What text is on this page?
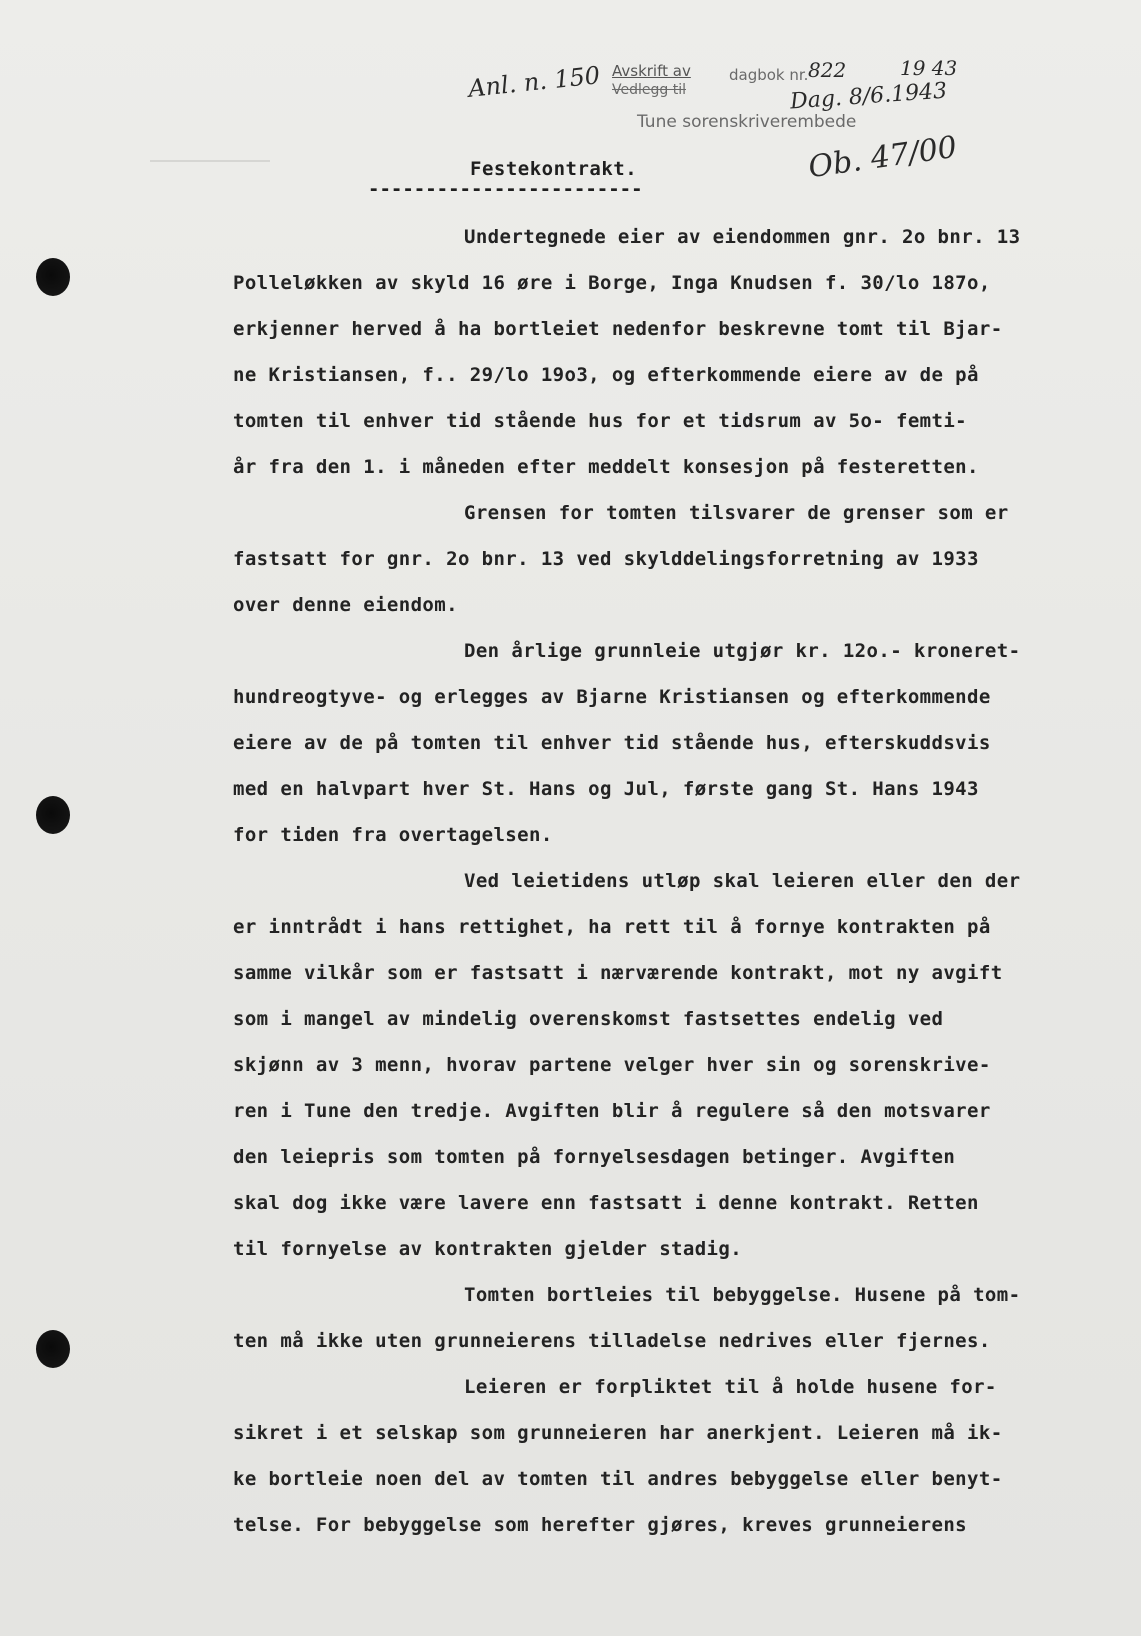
Anl. n. 150 Avskrift av
Vedlegg til
dagbok nr. 822	19 43
Dag. 8/6.1943
Tune sorenskriverembede
Ob. 47/00
Festekontrakt.
------------------------
Undertegnede eier av eiendommen gnr. 2o bnr. 13
Polleløkken av skyld 16 øre i Borge, Inga Knudsen f. 30/lo 187o,
erkjenner herved å ha bortleiet nedenfor beskrevne tomt til Bjar-
ne Kristiansen, f.. 29/lo 19o3, og efterkommende eiere av de på
tomten til enhver tid stående hus for et tidsrum av 5o- femti-
år fra den 1. i måneden efter meddelt konsesjon på festeretten.
Grensen for tomten tilsvarer de grenser som er
fastsatt for gnr. 2o bnr. 13 ved skylddelingsforretning av 1933
over denne eiendom.
Den årlige grunnleie utgjør kr. 12o.- kroneret-
hundreogtyve- og erlegges av Bjarne Kristiansen og efterkommende
eiere av de på tomten til enhver tid stående hus, efterskuddsvis
med en halvpart hver St. Hans og Jul, første gang St. Hans 1943
for tiden fra overtagelsen.
Ved leietidens utløp skal leieren eller den der
er inntrådt i hans rettighet, ha rett til å fornye kontrakten på
samme vilkår som er fastsatt i nærværende kontrakt, mot ny avgift
som i mangel av mindelig overenskomst fastsettes endelig ved
skjønn av 3 menn, hvorav partene velger hver sin og sorenskrive-
ren i Tune den tredje. Avgiften blir å regulere så den motsvarer
den leiepris som tomten på fornyelsesdagen betinger. Avgiften
skal dog ikke være lavere enn fastsatt i denne kontrakt. Retten
til fornyelse av kontrakten gjelder stadig.
Tomten bortleies til bebyggelse. Husene på tom-
ten må ikke uten grunneierens tilladelse nedrives eller fjernes.
Leieren er forpliktet til å holde husene for-
sikret i et selskap som grunneieren har anerkjent. Leieren må ik-
ke bortleie noen del av tomten til andres bebyggelse eller benyt-
telse. For bebyggelse som herefter gjøres, kreves grunneierens
